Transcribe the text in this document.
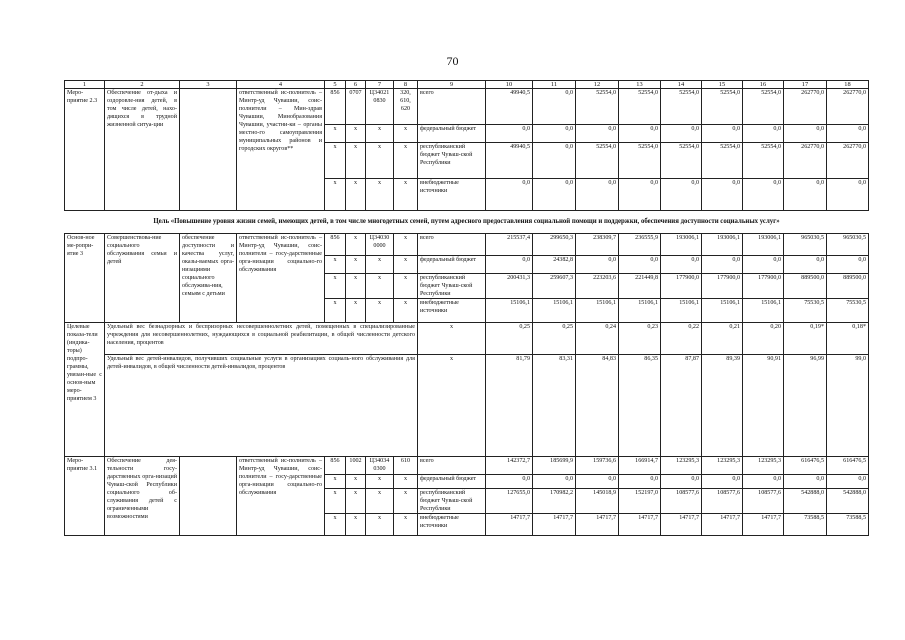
70
1	2	3	4	5	6	7	8	9	10	11	12	13	14	15	16	17	18
Меро-приятие 2.3	Обеспечение от-дыха и оздоровле-ния детей, в том числе детей, нахо-дящихся в трудной жизненной ситуа-ции		ответственный ис-полнитель – Минтр-уд Чувашии, соис-полнители – Мин-здрав Чувашии, Минобразования Чувашии, участни-ки – органы местно-го самоуправления муниципальных районов и городских округов**	856	0707	Ц34021 0830	320, 610, 620	всего	49940,5	0,0	52554,0	52554,0	52554,0	52554,0	52554,0	262770,0	262770,0
				х	х	х	х	федеральный бюджет	0,0	0,0	0,0	0,0	0,0	0,0	0,0	0,0	0,0
				х	х	х	х	республиканский бюджет Чуваш-ской Республики	49940,5	0,0	52554,0	52554,0	52554,0	52554,0	52554,0	262770,0	262770,0
				х	х	х	х	внебюджетные источники	0,0	0,0	0,0	0,0	0,0	0,0	0,0	0,0	0,0
Цель «Повышение уровня жизни семей, имеющих детей, в том числе многодетных семей, путем адресного предоставления социальной помощи и поддержки, обеспечения доступности социальных услуг»																	
Основ-ное ме-ропри-ятие 3	Совершенствова-ние социального обслуживания семьи и детей	обеспечение доступности и качества услуг, оказы-ваемых орга-низациями социального обслужива-ния, семьям с детьми	ответственный ис-полнитель – Минтр-уд Чувашии, соис-полнители – госу-дарственные орга-низации социально-го обслуживания	856	х	Ц34030 0000	х	всего	215537,4	299650,3	238309,7	236555,9	193006,1	193006,1	193006,1	965030,5	965030,5
				х	х	х	х	федеральный бюджет	0,0	24382,8	0,0	0,0	0,0	0,0	0,0	0,0	0,0
				х	х	х	х	республиканский бюджет Чуваш-ской Республики	200431,3	259607,3	223203,6	221449,8	177900,0	177900,0	177900,0	889500,0	889500,0
				х	х	х	х	внебюджетные источники	15106,1	15106,1	15106,1	15106,1	15106,1	15106,1	15106,1	75530,5	75530,5
Целевые показа-тели (индика-торы) подпро-граммы, увязан-ные с основ-ным меро-приятием 3	Удельный вес безнадзорных и беспризорных несовершеннолетних детей, помещенных в специализированные учреждения для несовершеннолетних, нуждающихся в социальной реабилитации, в общей численности детского населения, процентов							х	0,25	0,25	0,24	0,23	0,22	0,21	0,20	0,19*	0,18*
	Удельный вес детей-инвалидов, получивших социальные услуги в организациях социаль-ного обслуживания для детей-инвалидов, в общей численности детей-инвалидов, процентов							х	81,79	83,31	84,83	86,35	87,87	89,39	90,91	96,99	99,0
Меро-приятие 3.1	Обеспечение дея-тельности госу-дарственных орга-низаций Чуваш-ской Республики социального об-служивания детей с ограниченными возможностями		ответственный ис-полнитель – Минтр-уд Чувашии, соис-полнители – госу-дарственные орга-низации социально-го обслуживания	856	1002	Ц34034 0300	610	всего	142372,7	185699,9	159736,6	166914,7	123295,3	123295,3	123295,3	616476,5	616476,5
				х	х	х	х	федеральный бюджет	0,0	0,0	0,0	0,0	0,0	0,0	0,0	0,0	0,0
				х	х	х	х	республиканский бюджет Чуваш-ской Республики	127655,0	170982,2	145018,9	152197,0	108577,6	108577,6	108577,6	542888,0	542888,0
				х	х	х	х	внебюджетные источники	14717,7	14717,7	14717,7	14717,7	14717,7	14717,7	14717,7	73588,5	73588,5
